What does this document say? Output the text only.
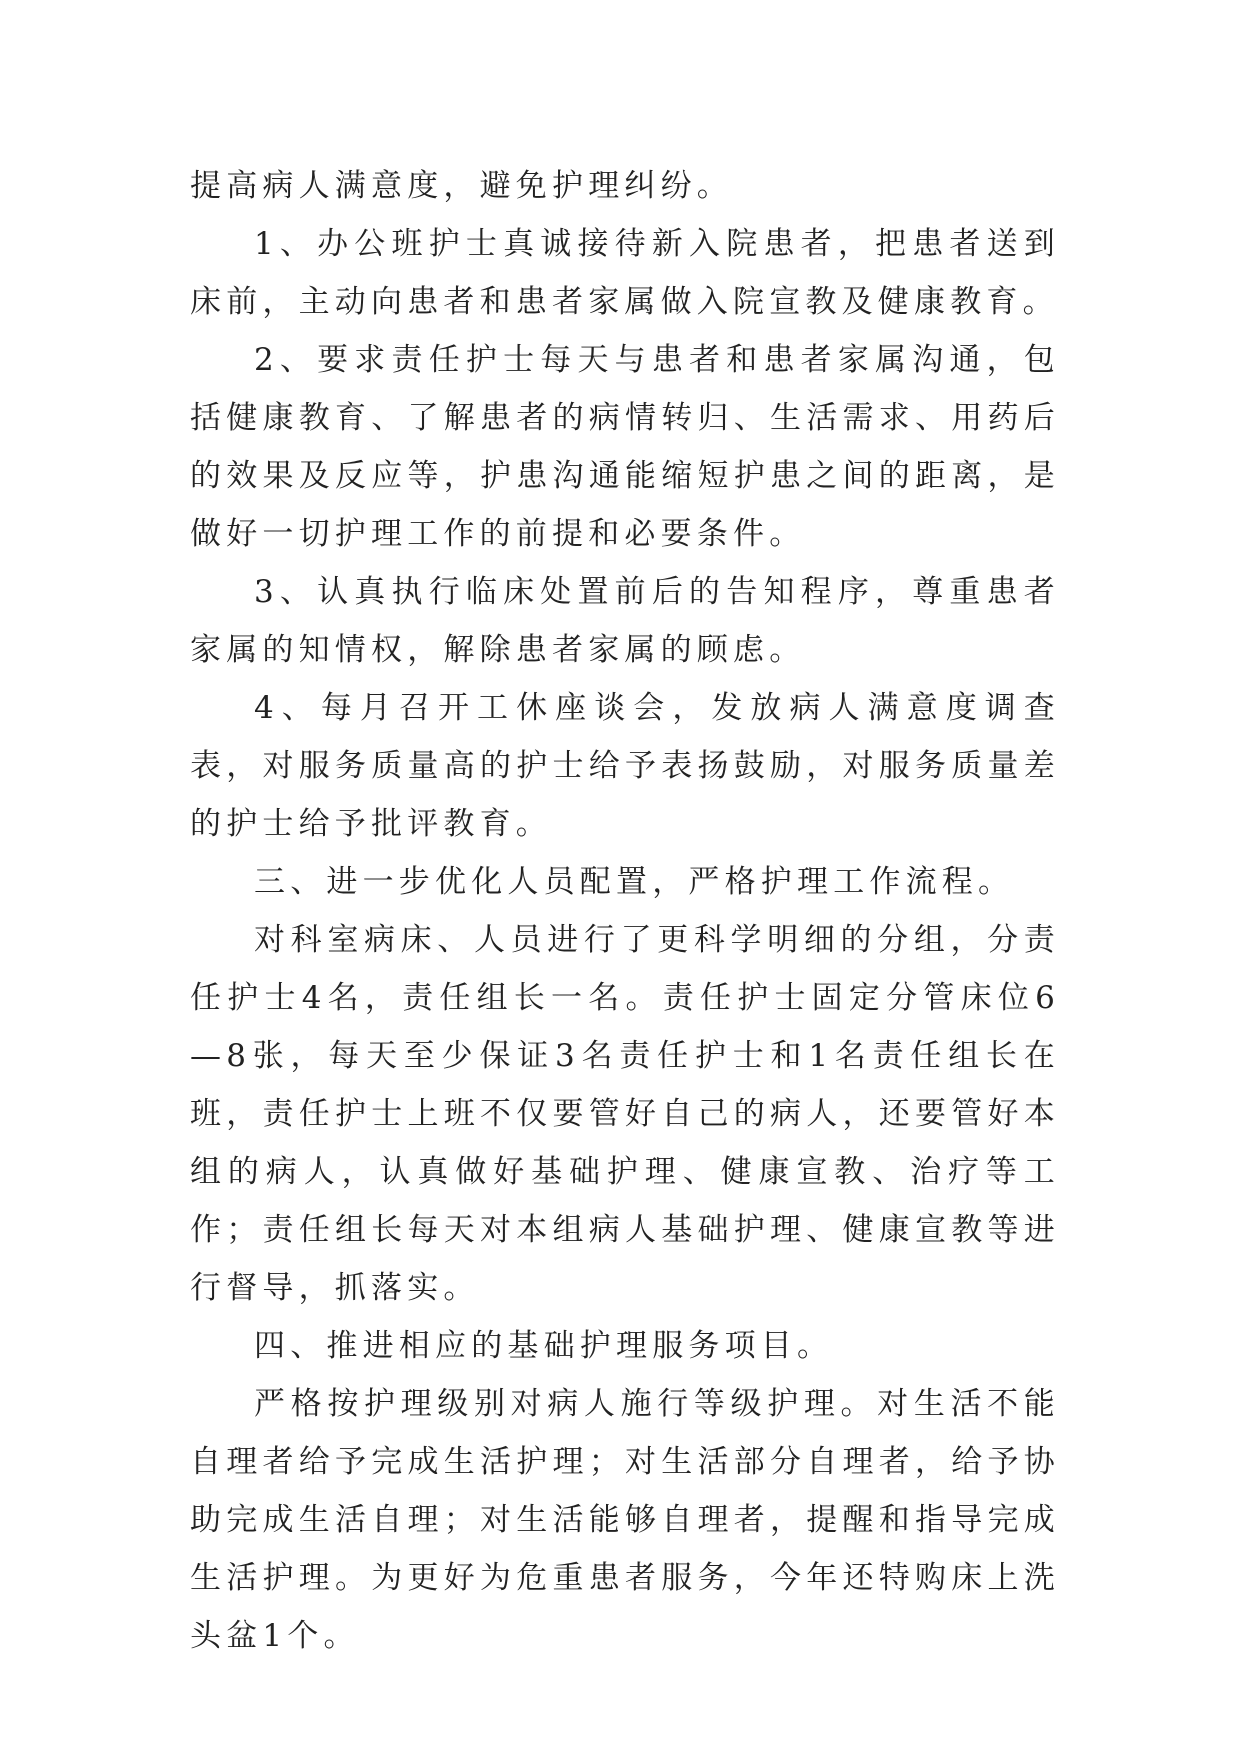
提高病人满意度，避免护理纠纷。

1、办公班护士真诚接待新入院患者，把患者送到床前，主动向患者和患者家属做入院宣教及健康教育。

2、要求责任护士每天与患者和患者家属沟通，包括健康教育、了解患者的病情转归、生活需求、用药后的效果及反应等，护患沟通能缩短护患之间的距离，是做好一切护理工作的前提和必要条件。

3、认真执行临床处置前后的告知程序，尊重患者家属的知情权，解除患者家属的顾虑。

4、每月召开工休座谈会，发放病人满意度调查表，对服务质量高的护士给予表扬鼓励，对服务质量差的护士给予批评教育。

三、进一步优化人员配置，严格护理工作流程。

对科室病床、人员进行了更科学明细的分组，分责任护士4名，责任组长一名。责任护士固定分管床位6—8张，每天至少保证3名责任护士和1名责任组长在班，责任护士上班不仅要管好自己的病人，还要管好本组的病人，认真做好基础护理、健康宣教、治疗等工作；责任组长每天对本组病人基础护理、健康宣教等进行督导，抓落实。

四、推进相应的基础护理服务项目。

严格按护理级别对病人施行等级护理。对生活不能自理者给予完成生活护理；对生活部分自理者，给予协助完成生活自理；对生活能够自理者，提醒和指导完成生活护理。为更好为危重患者服务，今年还特购床上洗头盆1个。
